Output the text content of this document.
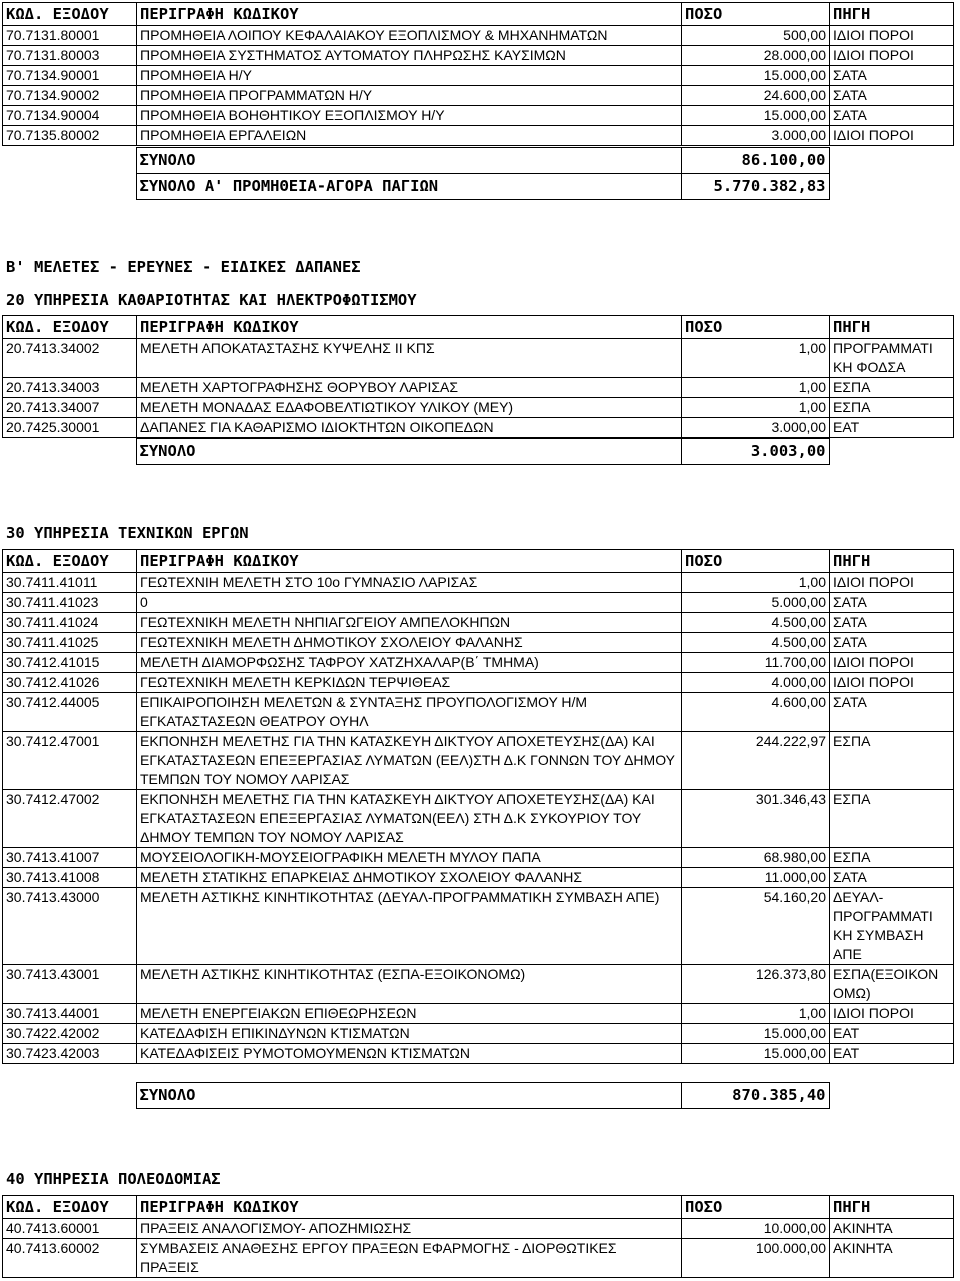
ΚΩΔ. ΕΞΟΔΟΥ	ΠΕΡΙΓΡΑΦΗ ΚΩΔΙΚΟΥ	ΠΟΣΟ	ΠΗΓΗ
70.7131.80001	ΠΡΟΜΗΘΕΙΑ ΛΟΙΠΟΥ ΚΕΦΑΛΑΙΑΚΟΥ ΕΞΟΠΛΙΣΜΟΥ & ΜΗΧΑΝΗΜΑΤΩΝ	500,00	ΙΔΙΟΙ ΠΟΡΟΙ
70.7131.80003	ΠΡΟΜΗΘΕΙΑ ΣΥΣΤΗΜΑΤΟΣ ΑΥΤΟΜΑΤΟΥ ΠΛΗΡΩΣΗΣ ΚΑΥΣΙΜΩΝ	28.000,00	ΙΔΙΟΙ ΠΟΡΟΙ
70.7134.90001	ΠΡΟΜΗΘΕΙΑ Η/Υ	15.000,00	ΣΑΤΑ
70.7134.90002	ΠΡΟΜΗΘΕΙΑ ΠΡΟΓΡΑΜΜΑΤΩΝ Η/Υ	24.600,00	ΣΑΤΑ
70.7134.90004	ΠΡΟΜΗΘΕΙΑ ΒΟΗΘΗΤΙΚΟΥ ΕΞΟΠΛΙΣΜΟΥ Η/Υ	15.000,00	ΣΑΤΑ
70.7135.80002	ΠΡΟΜΗΘΕΙΑ ΕΡΓΑΛΕΙΩΝ	3.000,00	ΙΔΙΟΙ ΠΟΡΟΙ
	ΣΥΝΟΛΟ	86.100,00	
	ΣΥΝΟΛΟ Α' ΠΡΟΜΗΘΕΙΑ-ΑΓΟΡΑ ΠΑΓΙΩΝ	5.770.382,83	
Β' ΜΕΛΕΤΕΣ - ΕΡΕΥΝΕΣ - ΕΙΔΙΚΕΣ ΔΑΠΑΝΕΣ
20 ΥΠΗΡΕΣΙΑ ΚΑΘΑΡΙΟΤΗΤΑΣ ΚΑΙ ΗΛΕΚΤΡΟΦΩΤΙΣΜΟΥ
ΚΩΔ. ΕΞΟΔΟΥ	ΠΕΡΙΓΡΑΦΗ ΚΩΔΙΚΟΥ	ΠΟΣΟ	ΠΗΓΗ
20.7413.34002	ΜΕΛΕΤΗ ΑΠΟΚΑΤΑΣΤΑΣΗΣ ΚΥΨΕΛΗΣ ΙΙ ΚΠΣ	1,00	ΠΡΟΓΡΑΜΜΑΤΙ ΚΗ ΦΟΔΣΑ
20.7413.34003	ΜΕΛΕΤΗ ΧΑΡΤΟΓΡΑΦΗΣΗΣ ΘΟΡΥΒΟΥ ΛΑΡΙΣΑΣ	1,00	ΕΣΠΑ
20.7413.34007	ΜΕΛΕΤΗ ΜΟΝΑΔΑΣ ΕΔΑΦΟΒΕΛΤΙΩΤΙΚΟΥ ΥΛΙΚΟΥ (ΜΕΥ)	1,00	ΕΣΠΑ
20.7425.30001	ΔΑΠΑΝΕΣ ΓΙΑ ΚΑΘΑΡΙΣΜΟ ΙΔΙΟΚΤΗΤΩΝ ΟΙΚΟΠΕΔΩΝ	3.000,00	ΕΑΤ
	ΣΥΝΟΛΟ	3.003,00	
30 ΥΠΗΡΕΣΙΑ ΤΕΧΝΙΚΩΝ ΕΡΓΩΝ
ΚΩΔ. ΕΞΟΔΟΥ	ΠΕΡΙΓΡΑΦΗ ΚΩΔΙΚΟΥ	ΠΟΣΟ	ΠΗΓΗ
30.7411.41011	ΓΕΩΤΕΧΝΙΗ ΜΕΛΕΤΗ ΣΤΟ 10ο ΓΥΜΝΑΣΙΟ ΛΑΡΙΣΑΣ	1,00	ΙΔΙΟΙ ΠΟΡΟΙ
30.7411.41023	0	5.000,00	ΣΑΤΑ
30.7411.41024	ΓΕΩΤΕΧΝΙΚΗ ΜΕΛΕΤΗ ΝΗΠΙΑΓΩΓΕΙΟΥ ΑΜΠΕΛΟΚΗΠΩΝ	4.500,00	ΣΑΤΑ
30.7411.41025	ΓΕΩΤΕΧΝΙΚΗ ΜΕΛΕΤΗ ΔΗΜΟΤΙΚΟΥ ΣΧΟΛΕΙΟΥ ΦΑΛΑΝΗΣ	4.500,00	ΣΑΤΑ
30.7412.41015	ΜΕΛΕΤΗ ΔΙΑΜΟΡΦΩΣΗΣ ΤΑΦΡΟΥ ΧΑΤΖΗΧΑΛΑΡ(Β΄ ΤΜΗΜΑ)	11.700,00	ΙΔΙΟΙ ΠΟΡΟΙ
30.7412.41026	ΓΕΩΤΕΧΝΙΚΗ ΜΕΛΕΤΗ ΚΕΡΚΙΔΩΝ ΤΕΡΨΙΘΕΑΣ	4.000,00	ΙΔΙΟΙ ΠΟΡΟΙ
30.7412.44005	ΕΠΙΚΑΙΡΟΠΟΙΗΣΗ ΜΕΛΕΤΩΝ & ΣΥΝΤΑΞΗΣ ΠΡΟΥΠΟΛΟΓΙΣΜΟΥ Η/Μ ΕΓΚΑΤΑΣΤΑΣΕΩΝ ΘΕΑΤΡΟΥ ΟΥΗΛ	4.600,00	ΣΑΤΑ
30.7412.47001	ΕΚΠΟΝΗΣΗ ΜΕΛΕΤΗΣ ΓΙΑ ΤΗΝ ΚΑΤΑΣΚΕΥΗ ΔΙΚΤΥΟΥ ΑΠΟΧΕΤΕΥΣΗΣ(ΔΑ) ΚΑΙ ΕΓΚΑΤΑΣΤΑΣΕΩΝ ΕΠΕΞΕΡΓΑΣΙΑΣ ΛΥΜΑΤΩΝ (ΕΕΛ)ΣΤΗ Δ.Κ ΓΟΝΝΩΝ ΤΟΥ ΔΗΜΟΥ ΤΕΜΠΩΝ ΤΟΥ ΝΟΜΟΥ ΛΑΡΙΣΑΣ	244.222,97	ΕΣΠΑ
30.7412.47002	ΕΚΠΟΝΗΣΗ ΜΕΛΕΤΗΣ ΓΙΑ ΤΗΝ ΚΑΤΑΣΚΕΥΗ ΔΙΚΤΥΟΥ ΑΠΟΧΕΤΕΥΣΗΣ(ΔΑ) ΚΑΙ ΕΓΚΑΤΑΣΤΑΣΕΩΝ ΕΠΕΞΕΡΓΑΣΙΑΣ ΛΥΜΑΤΩΝ(ΕΕΛ) ΣΤΗ Δ.Κ ΣΥΚΟΥΡΙΟΥ ΤΟΥ ΔΗΜΟΥ ΤΕΜΠΩΝ ΤΟΥ ΝΟΜΟΥ ΛΑΡΙΣΑΣ	301.346,43	ΕΣΠΑ
30.7413.41007	ΜΟΥΣΕΙΟΛΟΓΙΚΗ-ΜΟΥΣΕΙΟΓΡΑΦΙΚΗ ΜΕΛΕΤΗ ΜΥΛΟΥ ΠΑΠΑ	68.980,00	ΕΣΠΑ
30.7413.41008	ΜΕΛΕΤΗ ΣΤΑΤΙΚΗΣ ΕΠΑΡΚΕΙΑΣ ΔΗΜΟΤΙΚΟΥ ΣΧΟΛΕΙΟΥ ΦΑΛΑΝΗΣ	11.000,00	ΣΑΤΑ
30.7413.43000	ΜΕΛΕΤΗ ΑΣΤΙΚΗΣ ΚΙΝΗΤΙΚΟΤΗΤΑΣ (ΔΕΥΑΛ-ΠΡΟΓΡΑΜΜΑΤΙΚΗ ΣΥΜΒΑΣΗ ΑΠΕ)	54.160,20	ΔΕΥΑΛ-ΠΡΟΓΡΑΜΜΑΤΙ ΚΗ ΣΥΜΒΑΣΗ ΑΠΕ
30.7413.43001	ΜΕΛΕΤΗ ΑΣΤΙΚΗΣ ΚΙΝΗΤΙΚΟΤΗΤΑΣ (ΕΣΠΑ-ΕΞΟΙΚΟΝΟΜΩ)	126.373,80	ΕΣΠΑ(ΕΞΟΙΚΟΝ ΟΜΩ)
30.7413.44001	ΜΕΛΕΤΗ ΕΝΕΡΓΕΙΑΚΩΝ ΕΠΙΘΕΩΡΗΣΕΩΝ	1,00	ΙΔΙΟΙ ΠΟΡΟΙ
30.7422.42002	ΚΑΤΕΔΑΦΙΣΗ ΕΠΙΚΙΝΔΥΝΩΝ ΚΤΙΣΜΑΤΩΝ	15.000,00	ΕΑΤ
30.7423.42003	ΚΑΤΕΔΑΦΙΣΕΙΣ ΡΥΜΟΤΟΜΟΥΜΕΝΩΝ ΚΤΙΣΜΑΤΩΝ	15.000,00	ΕΑΤ
	ΣΥΝΟΛΟ	870.385,40	
40 ΥΠΗΡΕΣΙΑ ΠΟΛΕΟΔΟΜΙΑΣ
ΚΩΔ. ΕΞΟΔΟΥ	ΠΕΡΙΓΡΑΦΗ ΚΩΔΙΚΟΥ	ΠΟΣΟ	ΠΗΓΗ
40.7413.60001	ΠΡΑΞΕΙΣ ΑΝΑΛΟΓΙΣΜΟΥ- ΑΠΟΖΗΜΙΩΣΗΣ	10.000,00	ΑΚΙΝΗΤΑ
40.7413.60002	ΣΥΜΒΑΣΕΙΣ ΑΝΑΘΕΣΗΣ ΕΡΓΟΥ ΠΡΑΞΕΩΝ ΕΦΑΡΜΟΓΗΣ - ΔΙΟΡΘΩΤΙΚΕΣ ΠΡΑΞΕΙΣ	100.000,00	ΑΚΙΝΗΤΑ
